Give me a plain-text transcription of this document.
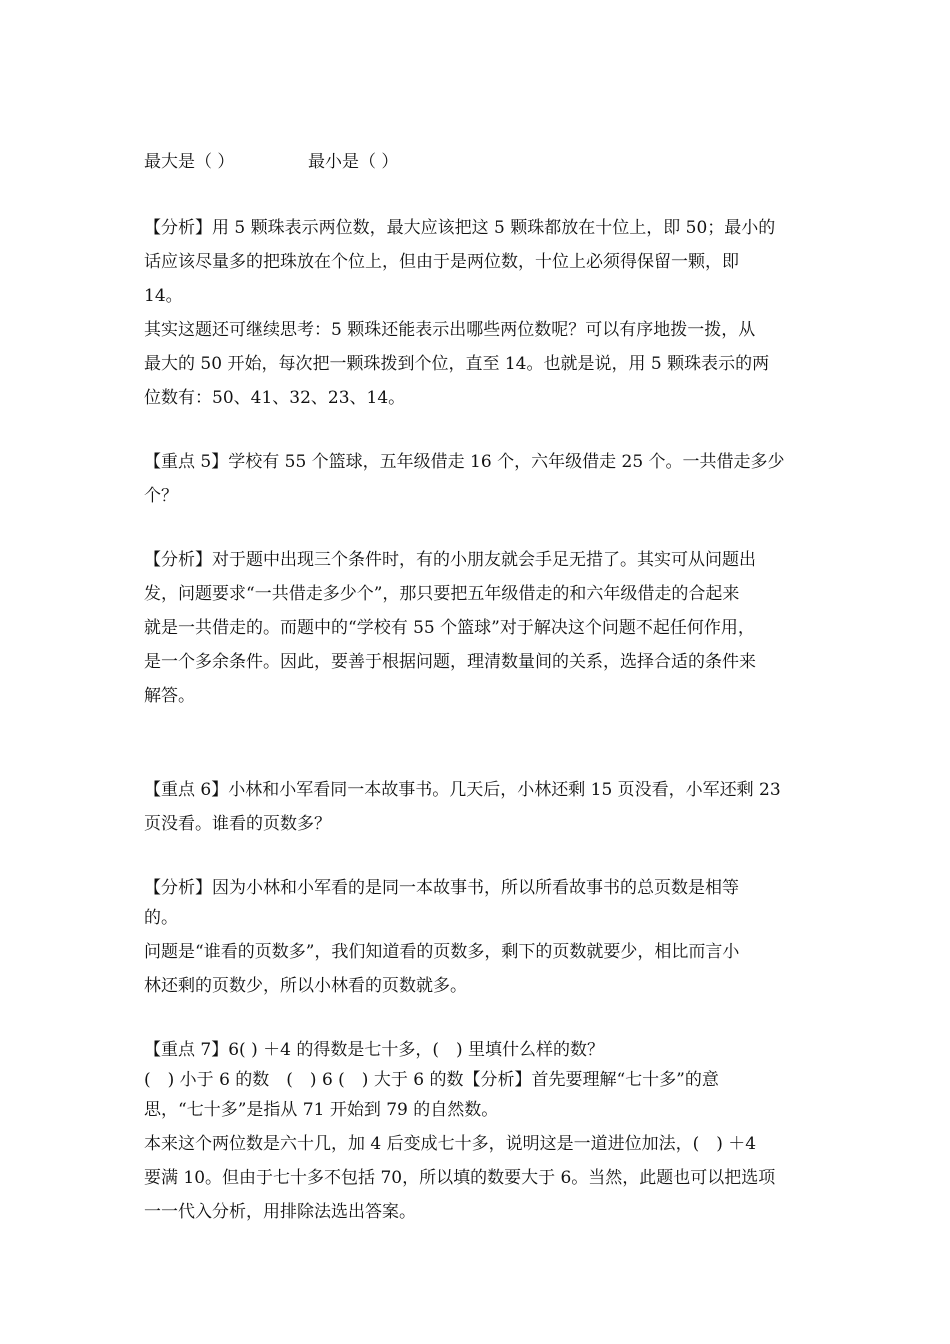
最大是（ ）	最小是（ ）
【分析】用 5 颗珠表示两位数，最大应该把这 5 颗珠都放在十位上，即 50；最小的
话应该尽量多的把珠放在个位上，但由于是两位数，十位上必须得保留一颗，即
14。
其实这题还可继续思考：5 颗珠还能表示出哪些两位数呢？可以有序地拨一拨，从
最大的 50 开始，每次把一颗珠拨到个位，直至 14。也就是说，用 5 颗珠表示的两
位数有：50、41、32、23、14。
【重点 5】学校有 55 个篮球，五年级借走 16 个，六年级借走 25 个。一共借走多少
个？
【分析】对于题中出现三个条件时，有的小朋友就会手足无措了。其实可从问题出
发，问题要求“一共借走多少个”，那只要把五年级借走的和六年级借走的合起来
就是一共借走的。而题中的“学校有 55 个篮球”对于解决这个问题不起任何作用，
是一个多余条件。因此，要善于根据问题，理清数量间的关系，选择合适的条件来
解答。
【重点 6】小林和小军看同一本故事书。几天后，小林还剩 15 页没看，小军还剩 23
页没看。谁看的页数多？
【分析】因为小林和小军看的是同一本故事书，所以所看故事书的总页数是相等
的。
问题是“谁看的页数多”，我们知道看的页数多，剩下的页数就要少，相比而言小
林还剩的页数少，所以小林看的页数就多。
【重点 7】6( ) ＋4 的得数是七十多，(　) 里填什么样的数？
(　) 小于 6 的数　(　) 6 (　) 大于 6 的数【分析】首先要理解“七十多”的意
思，“七十多”是指从 71 开始到 79 的自然数。
本来这个两位数是六十几，加 4 后变成七十多，说明这是一道进位加法，(　) ＋4
要满 10。但由于七十多不包括 70，所以填的数要大于 6。当然，此题也可以把选项
一一代入分析，用排除法选出答案。
